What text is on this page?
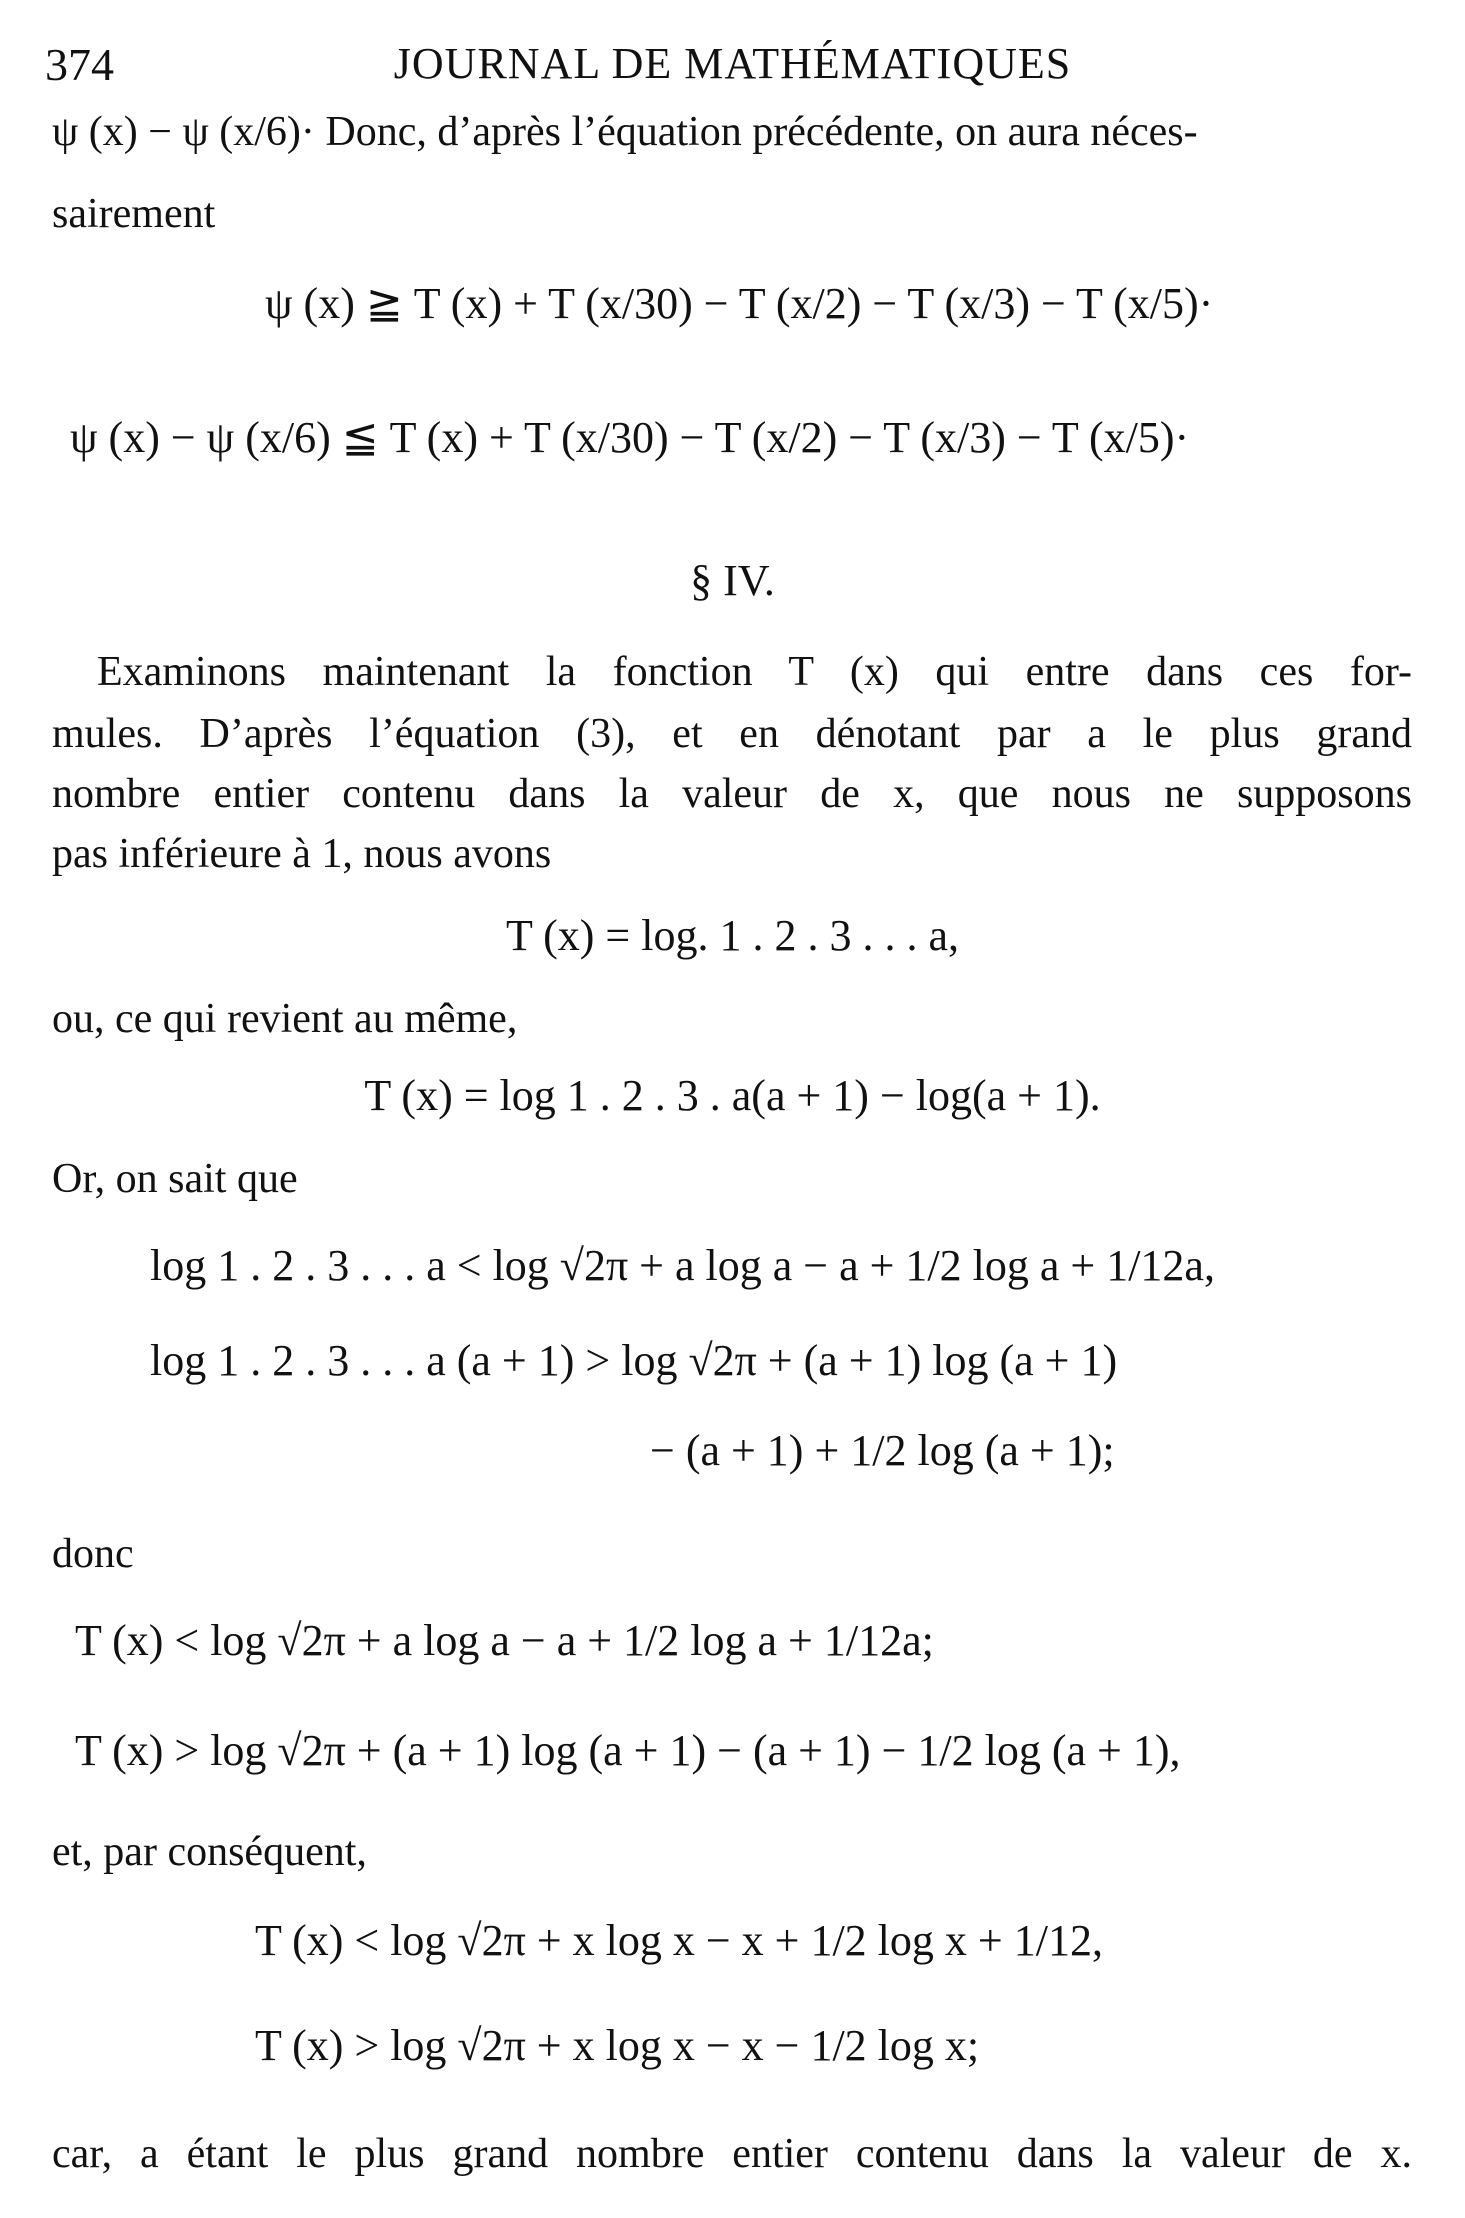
374	JOURNAL DE MATHÉMATIQUES
ψ (x) − ψ (x/6)· Donc, d’après l’équation précédente, on aura néces-
sairement
ψ (x) ≧ T (x) + T (x/30) − T (x/2) − T (x/3) − T (x/5)·
ψ (x) − ψ (x/6) ≦ T (x) + T (x/30) − T (x/2) − T (x/3) − T (x/5)·
§ IV.
Examinons maintenant la fonction T (x) qui entre dans ces for-
mules. D’après l’équation (3), et en dénotant par a le plus grand
nombre entier contenu dans la valeur de x, que nous ne supposons
pas inférieure à 1, nous avons
T (x) = log. 1 . 2 . 3 . . . a,
ou, ce qui revient au même,
T (x) = log 1 . 2 . 3 . a(a + 1) − log(a + 1).
Or, on sait que
log 1 . 2 . 3 . . . a < log √2π + a log a − a + 1/2 log a + 1/12a,
log 1 . 2 . 3 . . . a (a + 1) > log √2π + (a + 1) log (a + 1)
− (a + 1) + 1/2 log (a + 1);
donc
T (x) < log √2π + a log a − a + 1/2 log a + 1/12a;
T (x) > log √2π + (a + 1) log (a + 1) − (a + 1) − 1/2 log (a + 1),
et, par conséquent,
T (x) < log √2π + x log x − x + 1/2 log x + 1/12,
T (x) > log √2π + x log x − x − 1/2 log x;
car, a étant le plus grand nombre entier contenu dans la valeur de x.
